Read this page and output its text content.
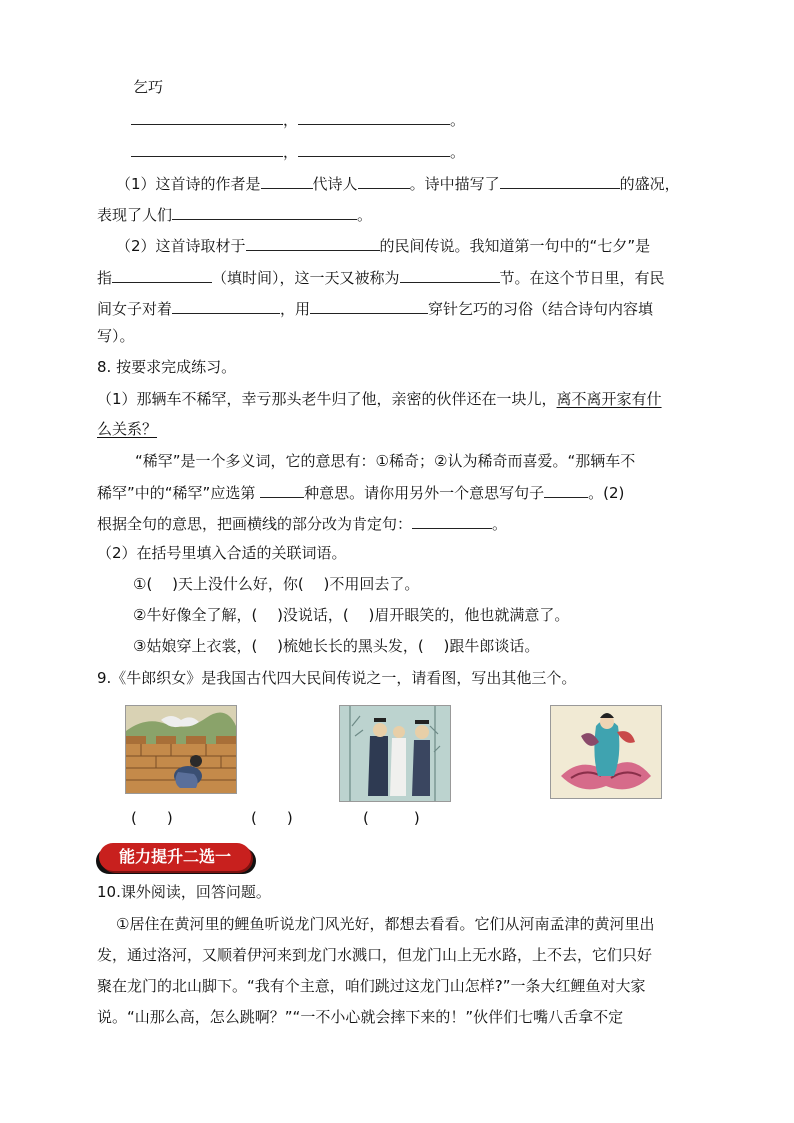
乞巧
，	。
，	。
（1）这首诗的作者是	代诗人	。诗中描写了	的盛况，
表现了人们	。
（2）这首诗取材于	的民间传说。我知道第一句中的“七夕”是
指	（填时间），这一天又被称为	节。在这个节日里，有民
间女子对着	，用	穿针乞巧的习俗（结合诗句内容填
写）。
8. 按要求完成练习。
（1）那辆车不稀罕，幸亏那头老牛归了他，亲密的伙伴还在一块儿，离不离开家有什
么关系？
“稀罕”是一个多义词，它的意思有：①稀奇；②认为稀奇而喜爱。“那辆车不
稀罕”中的“稀罕”应选第	种意思。请你用另外一个意思写句子	。(2)
根据全句的意思，把画横线的部分改为肯定句：	。
（2）在括号里填入合适的关联词语。
①(　 )天上没什么好，你(　 )不用回去了。
②牛好像全了解，(　 )没说话，(　 )眉开眼笑的，他也就满意了。
③姑娘穿上衣裳，(　 )梳她长长的黑头发，(　 )跟牛郎谈话。
9.《牛郎织女》是我国古代四大民间传说之一，请看图，写出其他三个。
(　　)	(　　)	(　　　)
能力提升二选一
10.课外阅读，回答问题。
①居住在黄河里的鲤鱼听说龙门风光好，都想去看看。它们从河南孟津的黄河里出
发，通过洛河，又顺着伊河来到龙门水溅口，但龙门山上无水路，上不去，它们只好
聚在龙门的北山脚下。“我有个主意，咱们跳过这龙门山怎样?”一条大红鲤鱼对大家
说。“山那么高，怎么跳啊？”“一不小心就会摔下来的！”伙伴们七嘴八舌拿不定
